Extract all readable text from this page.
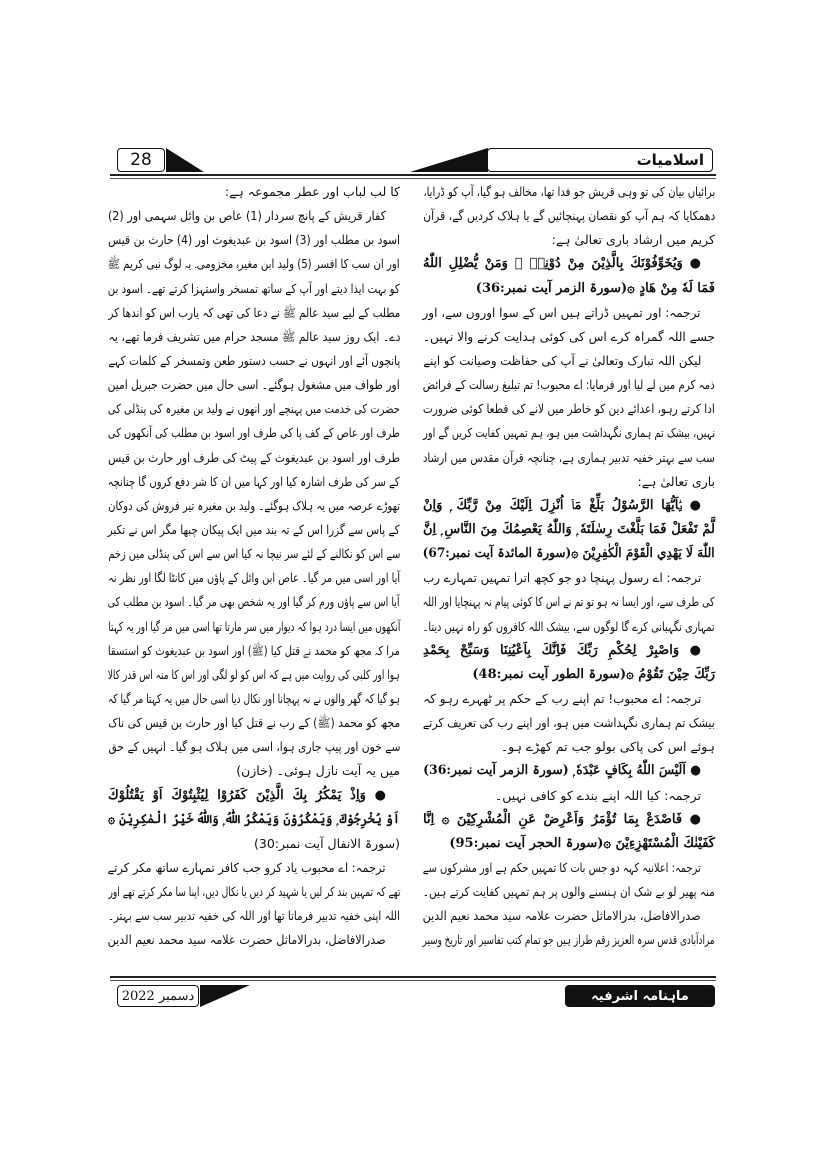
28	اسلامیات
برائیاں بیان کی تو وہی قریش جو فدا تھا، مخالف ہو گیا، آپ کو ڈرایا،
دھمکایا کہ ہم آپ کو نقصان پہنچائیں گے یا ہلاک کردیں گے، قرآن
کریم میں ارشاد باری تعالیٰ ہے:
● وَيُخَوِّفُوْنَكَ بِالَّذِيْنَ مِنْ دُوْنِهٖ ۭ وَمَنْ يُّضْلِلِ اللّٰهُ
فَمَا لَهٗ مِنْ هَادٍ ۞(سورۃ الزمر آیت نمبر:36)
ترجمہ: اور تمہیں ڈراتے ہیں اس کے سوا اوروں سے، اور
جسے اللہ گمراہ کرے اس کی کوئی ہدایت کرنے والا نہیں۔
لیکن اللہ تبارک وتعالیٰ نے آپ کی حفاظت وصیانت کو اپنے
ذمہ کرم میں لے لیا اور فرمایا: اے محبوب! تم تبلیغ رسالت کے فرائض
ادا کرتے رہو، اعدائے دین کو خاطر میں لانے کی قطعا کوئی ضرورت
نہیں، بیشک تم ہماری نگہداشت میں ہو، ہم تمہیں کفایت کریں گے اور
سب سے بہتر خفیہ تدبیر ہماری ہے، چنانچہ قرآن مقدس میں ارشاد
باری تعالیٰ ہے:
● يٰۤاَيُّهَا الرَّسُوْلُ بَلِّغْ مَاۤ اُنْزِلَ اِلَيْكَ مِنْ رَّبِّكَ ۭ وَاِنْ
لَّمْ تَفْعَلْ فَمَا بَلَّغْتَ رِسٰلَتَهٗ ۭ وَاللّٰهُ يَعْصِمُكَ مِنَ النَّاسِ ۭ اِنَّ
اللّٰهَ لَا يَهْدِي الْقَوْمَ الْكٰفِرِيْنَ ۞(سورۃ المائدۃ آیت نمبر:67)
ترجمہ: اے رسول پہنچا دو جو کچھ اترا تمہیں تمہارے رب
کی طرف سے، اور ایسا نہ ہو تو تم نے اس کا کوئی پیام نہ پہنچایا اور اللہ
تمہاری نگہبانی کرے گا لوگوں سے، بیشک اللہ کافروں کو راہ نہیں دیتا۔
● وَاصْبِرْ لِحُكْمِ رَبِّكَ فَاِنَّكَ بِاَعْيُنِنَا وَسَبِّحْ بِحَمْدِ
رَبِّكَ حِيْنَ تَقُوْمُ ۞(سورۃ الطور آیت نمبر:48)
ترجمہ: اے محبوب! تم اپنے رب کے حکم پر ٹھہرے رہو کہ
بیشک تم ہماری نگہداشت میں ہو، اور اپنے رب کی تعریف کرتے
ہوئے اس کی پاکی بولو جب تم کھڑے ہو۔
● اَلَيْسَ اللّٰهُ بِكَافٍ عَبْدَهٗ ۭ (سورۃ الزمر آیت نمبر:36)
ترجمہ: کیا اللہ اپنے بندے کو کافی نہیں۔
● فَاصْدَعْ بِمَا تُؤْمَرُ وَاَعْرِضْ عَنِ الْمُشْرِكِيْنَ ۞ اِنَّا
كَفَيْنٰكَ الْمُسْتَهْزِءِيْنَ ۞(سورۃ الحجر آیت نمبر:95)
ترجمہ: اعلانیہ کہہ دو جس بات کا تمہیں حکم ہے اور مشرکوں سے
منہ پھیر لو بے شک ان ہنسنے والوں پر ہم تمہیں کفایت کرتے ہیں۔
صدرالافاضل، بدرالاماثل حضرت علامہ سید محمد نعیم الدین
مرادآبادی قدس سرہ العزیز رقم طراز ہیں جو تمام کتب تفاسیر اور تاریخ وسیر
کا لب لباب اور عطر مجموعہ ہے:
کفار قریش کے پانچ سردار (1) عاص بن وائل سہمی اور (2)
اسود بن مطلب اور (3) اسود بن عبدیغوث اور (4) حارث بن قیس
اور ان سب کا افسر (5) ولید ابن مغیرہ مخزومی۔ یہ لوگ نبی کریم ﷺ
کو بہت ایذا دیتے اور آپ کے ساتھ تمسخر واستہزا کرتے تھے۔ اسود بن
مطلب کے لیے سید عالم ﷺ نے دعا کی تھی کہ یارب اس کو اندھا کر
دے۔ ایک روز سید عالم ﷺ مسجد حرام میں تشریف فرما تھے، یہ
پانچوں آئے اور انہوں نے حسب دستور طعن وتمسخر کے کلمات کہے
اور طواف میں مشغول ہوگئے۔ اسی حال میں حضرت جبریل امین
حضرت کی خدمت میں پہنچے اور انھوں نے ولید بن مغیرہ کی پنڈلی کی
طرف اور عاص کے کف پا کی طرف اور اسود بن مطلب کی آنکھوں کی
طرف اور اسود بن عبدیغوث کے پیٹ کی طرف اور حارث بن قیس
کے سر کی طرف اشارہ کیا اور کہا میں ان کا شر دفع کروں گا چنانچہ
تھوڑے عرصہ میں یہ ہلاک ہوگئے۔ ولید بن مغیرہ تیر فروش کی دوکان
کے پاس سے گزرا اس کے تہ بند میں ایک پیکان چبھا مگر اس نے تکبر
سے اس کو نکالنے کے لئے سر نیچا نہ کیا اس سے اس کی پنڈلی میں زخم
آیا اور اسی میں مر گیا۔ عاص ابن وائل کے پاؤں میں کانٹا لگا اور نظر نہ
آیا اس سے پاؤں ورم کر گیا اور یہ شخص بھی مر گیا۔ اسود بن مطلب کی
آنکھوں میں ایسا درد ہوا کہ دیوار میں سر مارتا تھا اسی میں مر گیا اور یہ کہتا
مرا کہ مجھ کو محمد نے قتل کیا (ﷺ) اور اسود بن عبدیغوث کو استسقا
ہوا اور کلبی کی روایت میں ہے کہ اس کو لو لگی اور اس کا منہ اس قدر کالا
ہو گیا کہ گھر والوں نے نہ پہچانا اور نکال دیا اسی حال میں یہ کہتا مر گیا کہ
مجھ کو محمد (ﷺ) کے رب نے قتل کیا اور حارث بن قیس کی ناک
سے خون اور پیپ جاری ہوا، اسی میں ہلاک ہو گیا۔ انہیں کے حق
میں یہ آیت نازل ہوئی۔ (خازن)
● وَاِذْ يَمْكُرُ بِكَ الَّذِيْنَ كَفَرُوْا لِيُثْبِتُوْكَ اَوْ يَقْتُلُوْكَ
اَوْ يُخْرِجُوْكَ ۭ وَيَمْكُرُوْنَ وَيَمْكُرُ اللّٰهُ ۭ وَاللّٰهُ خَيْرُ الْمٰكِرِيْنَ ۞
(سورۃ الانفال آیت نمبر:30)
ترجمہ: اے محبوب یاد کرو جب کافر تمہارے ساتھ مکر کرتے
تھے کہ تمہیں بند کر لیں یا شہید کر دیں یا نکال دیں، اپنا سا مکر کرتے تھے اور
اللہ اپنی خفیہ تدبیر فرماتا تھا اور اللہ کی خفیہ تدبیر سب سے بہتر۔
صدرالافاضل، بدرالاماثل حضرت علامہ سید محمد نعیم الدین
دسمبر 2022	ماہنامہ اشرفیہ
